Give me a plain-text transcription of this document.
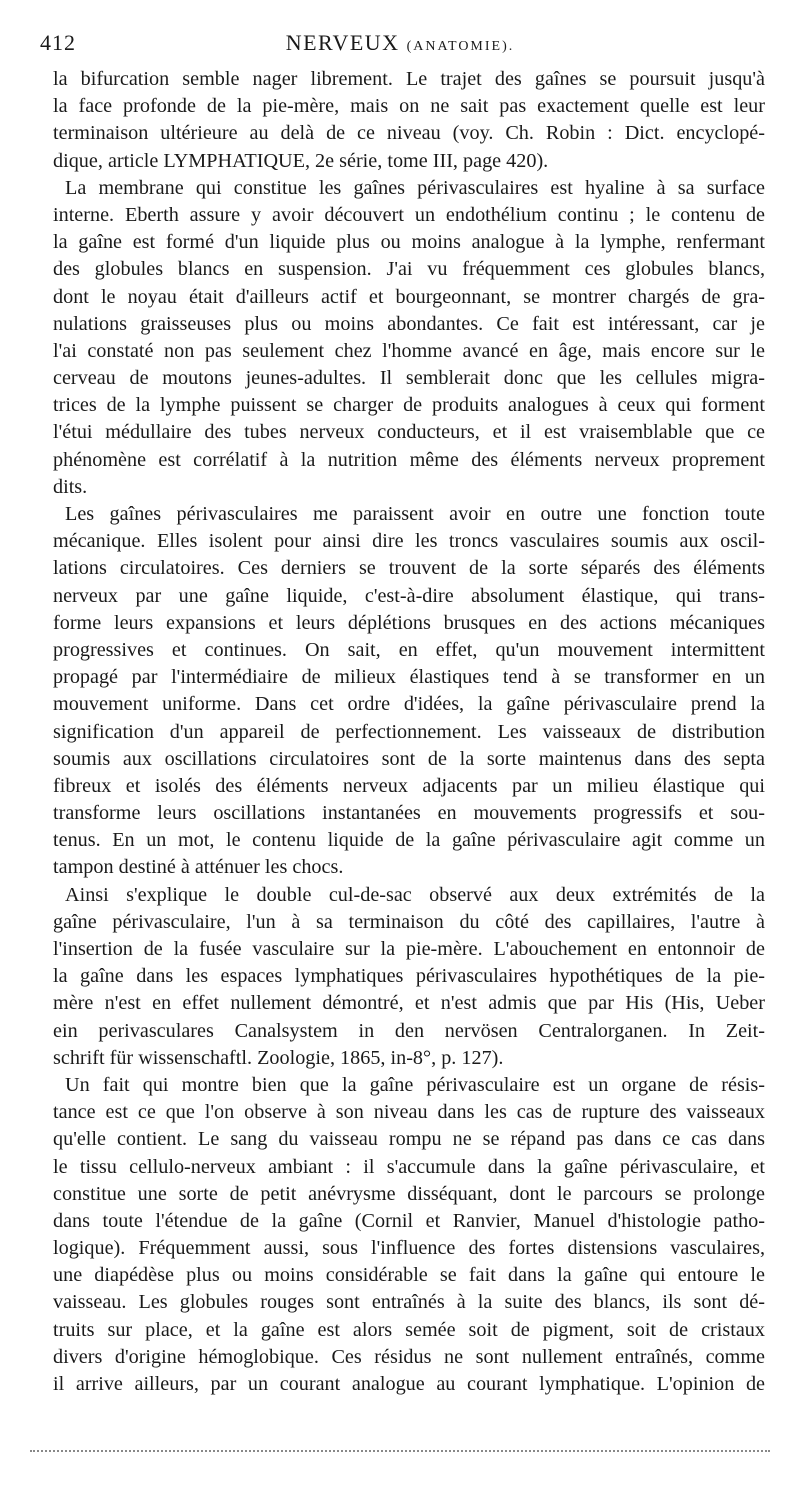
412	NERVEUX (ANATOMIE).
la bifurcation semble nager librement. Le trajet des gaînes se poursuit jusqu'à
la face profonde de la pie-mère, mais on ne sait pas exactement quelle est leur
terminaison ultérieure au delà de ce niveau (voy. Ch. Robin : Dict. encyclopé-
dique, article LYMPHATIQUE, 2e série, tome III, page 420).
La membrane qui constitue les gaînes périvasculaires est hyaline à sa surface
interne. Eberth assure y avoir découvert un endothélium continu ; le contenu de
la gaîne est formé d'un liquide plus ou moins analogue à la lymphe, renfermant
des globules blancs en suspension. J'ai vu fréquemment ces globules blancs,
dont le noyau était d'ailleurs actif et bourgeonnant, se montrer chargés de gra-
nulations graisseuses plus ou moins abondantes. Ce fait est intéressant, car je
l'ai constaté non pas seulement chez l'homme avancé en âge, mais encore sur le
cerveau de moutons jeunes-adultes. Il semblerait donc que les cellules migra-
trices de la lymphe puissent se charger de produits analogues à ceux qui forment
l'étui médullaire des tubes nerveux conducteurs, et il est vraisemblable que ce
phénomène est corrélatif à la nutrition même des éléments nerveux proprement
dits.
Les gaînes périvasculaires me paraissent avoir en outre une fonction toute
mécanique. Elles isolent pour ainsi dire les troncs vasculaires soumis aux oscil-
lations circulatoires. Ces derniers se trouvent de la sorte séparés des éléments
nerveux par une gaîne liquide, c'est-à-dire absolument élastique, qui trans-
forme leurs expansions et leurs déplétions brusques en des actions mécaniques
progressives et continues. On sait, en effet, qu'un mouvement intermittent
propagé par l'intermédiaire de milieux élastiques tend à se transformer en un
mouvement uniforme. Dans cet ordre d'idées, la gaîne périvasculaire prend la
signification d'un appareil de perfectionnement. Les vaisseaux de distribution
soumis aux oscillations circulatoires sont de la sorte maintenus dans des septa
fibreux et isolés des éléments nerveux adjacents par un milieu élastique qui
transforme leurs oscillations instantanées en mouvements progressifs et sou-
tenus. En un mot, le contenu liquide de la gaîne périvasculaire agit comme un
tampon destiné à atténuer les chocs.
Ainsi s'explique le double cul-de-sac observé aux deux extrémités de la
gaîne périvasculaire, l'un à sa terminaison du côté des capillaires, l'autre à
l'insertion de la fusée vasculaire sur la pie-mère. L'abouchement en entonnoir de
la gaîne dans les espaces lymphatiques périvasculaires hypothétiques de la pie-
mère n'est en effet nullement démontré, et n'est admis que par His (His, Ueber
ein perivasculares Canalsystem in den nervösen Centralorganen. In Zeit-
schrift für wissenschaftl. Zoologie, 1865, in-8°, p. 127).
Un fait qui montre bien que la gaîne périvasculaire est un organe de résis-
tance est ce que l'on observe à son niveau dans les cas de rupture des vaisseaux
qu'elle contient. Le sang du vaisseau rompu ne se répand pas dans ce cas dans
le tissu cellulo-nerveux ambiant : il s'accumule dans la gaîne périvasculaire, et
constitue une sorte de petit anévrysme disséquant, dont le parcours se prolonge
dans toute l'étendue de la gaîne (Cornil et Ranvier, Manuel d'histologie patho-
logique). Fréquemment aussi, sous l'influence des fortes distensions vasculaires,
une diapédèse plus ou moins considérable se fait dans la gaîne qui entoure le
vaisseau. Les globules rouges sont entraînés à la suite des blancs, ils sont dé-
truits sur place, et la gaîne est alors semée soit de pigment, soit de cristaux
divers d'origine hémoglobique. Ces résidus ne sont nullement entraînés, comme
il arrive ailleurs, par un courant analogue au courant lymphatique. L'opinion de
